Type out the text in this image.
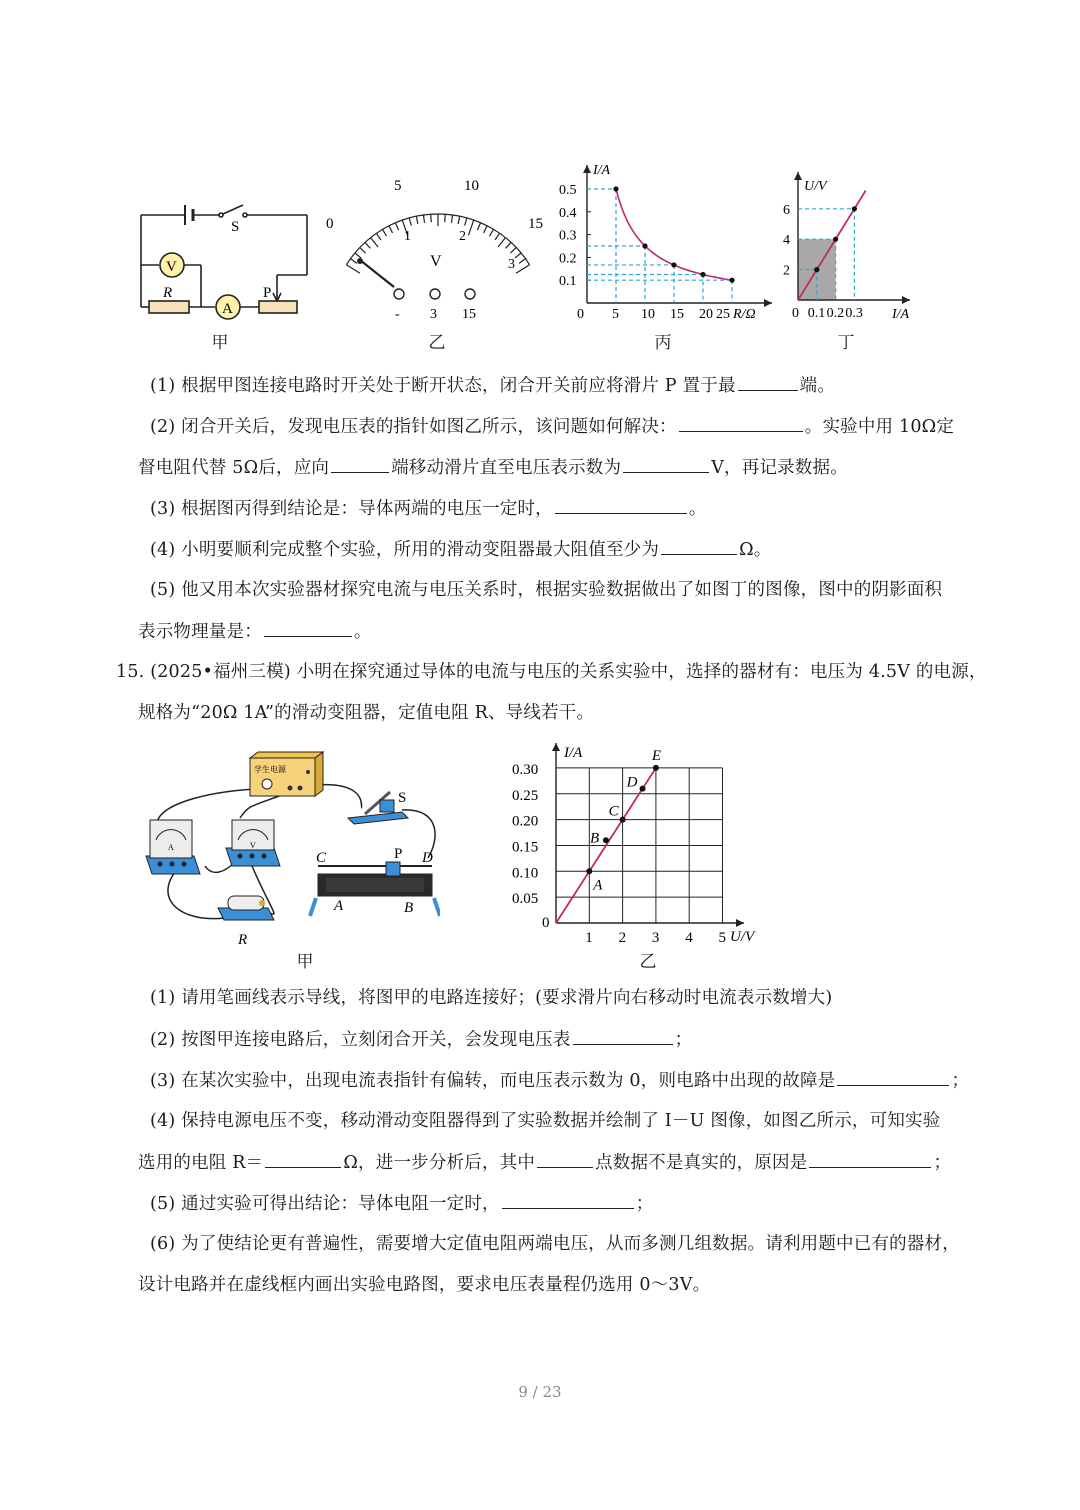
S
V
A
R	P
甲
5	10
0	15
1	2
3
V
- 3 15
乙
I/A
R/Ω
0.5
0.4
0.3
0.2
0.1
0 5 10 15 20 25
丙
U/V
I/A
6
4
2
0 0.1 0.2 0.3
丁
(1) 根据甲图连接电路时开关处于断开状态，闭合开关前应将滑片 P 置于最	端。
(2) 闭合开关后，发现电压表的指针如图乙所示，该问题如何解决：	。实验中用 10Ω定
督电阻代替 5Ω后，应向	端移动滑片直至电压表示数为	V，再记录数据。
(3) 根据图丙得到结论是：导体两端的电压一定时，	。
(4) 小明要顺利完成整个实验，所用的滑动变阻器最大阻值至少为	Ω。
(5) 他又用本次实验器材探究电流与电压关系时，根据实验数据做出了如图丁的图像，图中的阴影面积
表示物理量是：	。
15. (2025•福州三模) 小明在探究通过导体的电流与电压的关系实验中，选择的器材有：电压为 4.5V 的电源，
规格为“20Ω 1A”的滑动变阻器，定值电阻 R、导线若干。
学生电源
S
A	V
R
C	P D
A	B
甲
I/A
U/V
0.30
0.25
0.20
0.15
0.10
0.05
0
1 2 3 4 5
A
B
C
D
E
乙
(1) 请用笔画线表示导线，将图甲的电路连接好；(要求滑片向右移动时电流表示数增大)
(2) 按图甲连接电路后，立刻闭合开关，会发现电压表	；
(3) 在某次实验中，出现电流表指针有偏转，而电压表示数为 0，则电路中出现的故障是	；
(4) 保持电源电压不变，移动滑动变阻器得到了实验数据并绘制了 I－U 图像，如图乙所示，可知实验
选用的电阻 R＝	Ω，进一步分析后，其中	点数据不是真实的，原因是	；
(5) 通过实验可得出结论：导体电阻一定时，	；
(6) 为了使结论更有普遍性，需要增大定值电阻两端电压，从而多测几组数据。请利用题中已有的器材，
设计电路并在虚线框内画出实验电路图，要求电压表量程仍选用 0～3V。
9 / 23
